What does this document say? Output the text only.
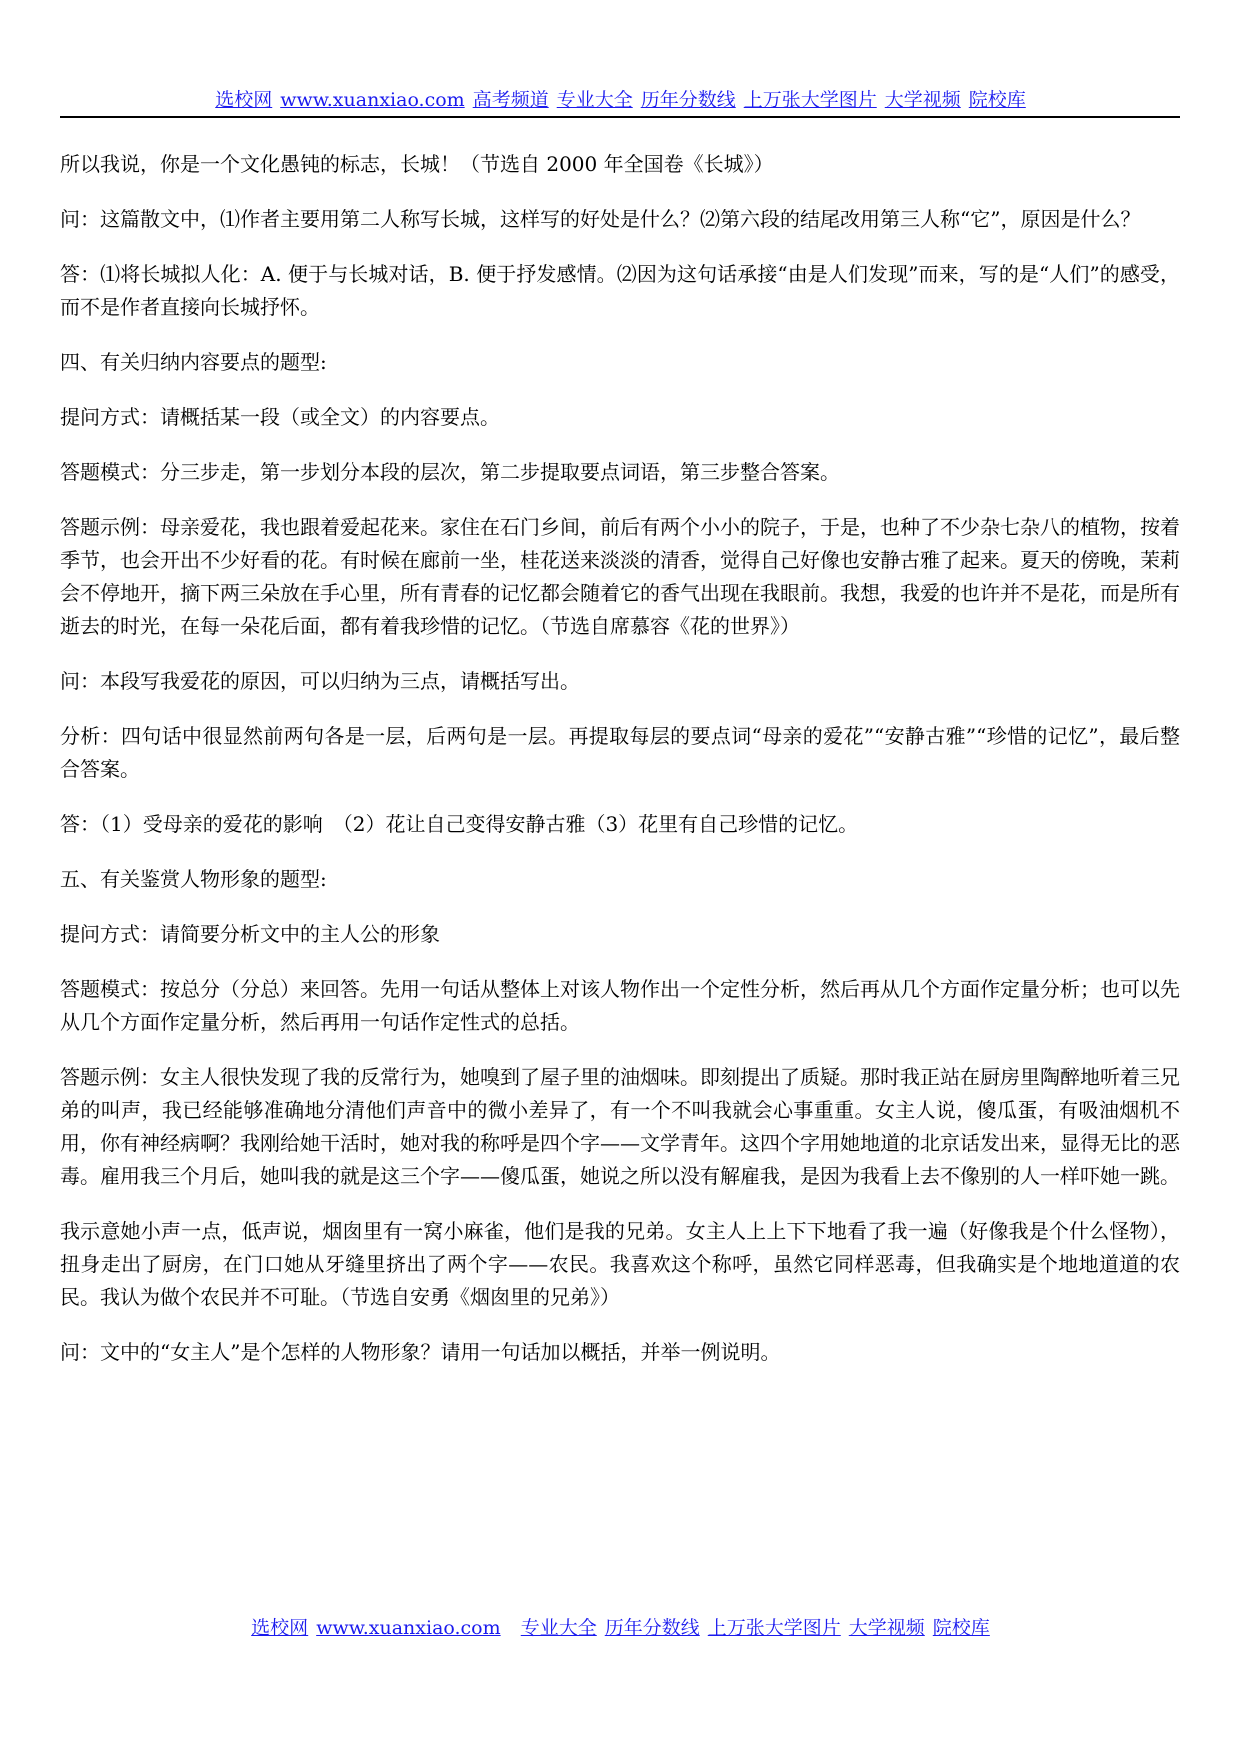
选校网 www.xuanxiao.com 高考频道 专业大全 历年分数线 上万张大学图片 大学视频 院校库

所以我说，你是一个文化愚钝的标志，长城！（节选自 2000 年全国卷《长城》）

问：这篇散文中，⑴作者主要用第二人称写长城，这样写的好处是什么？⑵第六段的结尾改用第三人称“它”，原因是什么？

答：⑴将长城拟人化：A. 便于与长城对话，B. 便于抒发感情。⑵因为这句话承接“由是人们发现”而来，写的是“人们”的感受，而不是作者直接向长城抒怀。

四、有关归纳内容要点的题型:

提问方式：请概括某一段（或全文）的内容要点。

答题模式：分三步走，第一步划分本段的层次，第二步提取要点词语，第三步整合答案。

答题示例：母亲爱花，我也跟着爱起花来。家住在石门乡间，前后有两个小小的院子，于是，也种了不少杂七杂八的植物，按着季节，也会开出不少好看的花。有时候在廊前一坐，桂花送来淡淡的清香，觉得自己好像也安静古雅了起来。夏天的傍晚，茉莉会不停地开，摘下两三朵放在手心里，所有青春的记忆都会随着它的香气出现在我眼前。我想，我爱的也许并不是花，而是所有逝去的时光，在每一朵花后面，都有着我珍惜的记忆。（节选自席慕容《花的世界》）

问：本段写我爱花的原因，可以归纳为三点，请概括写出。

分析：四句话中很显然前两句各是一层，后两句是一层。再提取每层的要点词“母亲的爱花”“安静古雅”“珍惜的记忆”，最后整合答案。

答：（1）受母亲的爱花的影响　（2）花让自己变得安静古雅（3）花里有自己珍惜的记忆。

五、有关鉴赏人物形象的题型:

提问方式：请简要分析文中的主人公的形象

答题模式：按总分（分总）来回答。先用一句话从整体上对该人物作出一个定性分析，然后再从几个方面作定量分析；也可以先从几个方面作定量分析，然后再用一句话作定性式的总括。

答题示例：女主人很快发现了我的反常行为，她嗅到了屋子里的油烟味。即刻提出了质疑。那时我正站在厨房里陶醉地听着三兄弟的叫声，我已经能够准确地分清他们声音中的微小差异了，有一个不叫我就会心事重重。女主人说，傻瓜蛋，有吸油烟机不用，你有神经病啊？我刚给她干活时，她对我的称呼是四个字——文学青年。这四个字用她地道的北京话发出来，显得无比的恶毒。雇用我三个月后，她叫我的就是这三个字——傻瓜蛋，她说之所以没有解雇我，是因为我看上去不像别的人一样吓她一跳。

我示意她小声一点，低声说，烟囱里有一窝小麻雀，他们是我的兄弟。女主人上上下下地看了我一遍（好像我是个什么怪物），扭身走出了厨房，在门口她从牙缝里挤出了两个字——农民。我喜欢这个称呼，虽然它同样恶毒，但我确实是个地地道道的农民。我认为做个农民并不可耻。（节选自安勇《烟囱里的兄弟》）

问：文中的“女主人”是个怎样的人物形象？请用一句话加以概括，并举一例说明。

选校网 www.xuanxiao.com 专业大全 历年分数线 上万张大学图片 大学视频 院校库
